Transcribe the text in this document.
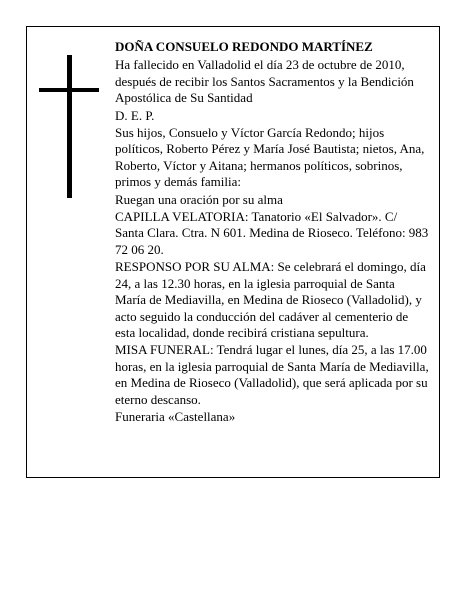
DOÑA CONSUELO REDONDO MARTÍNEZ

Ha fallecido en Valladolid el día 23 de octubre de 2010, después de recibir los Santos Sacramentos y la Bendición Apostólica de Su Santidad

D. E. P.

Sus hijos, Consuelo y Víctor García Redondo; hijos políticos, Roberto Pérez y María José Bautista; nietos, Ana, Roberto, Víctor y Aitana; hermanos políticos, sobrinos, primos y demás familia:

Ruegan una oración por su alma

CAPILLA VELATORIA: Tanatorio «El Salvador». C/ Santa Clara. Ctra. N 601. Medina de Rioseco. Teléfono: 983 72 06 20.

RESPONSO POR SU ALMA: Se celebrará el domingo, día 24, a las 12.30 horas, en la iglesia parroquial de Santa María de Mediavilla, en Medina de Rioseco (Valladolid), y acto seguido la conducción del cadáver al cementerio de esta localidad, donde recibirá cristiana sepultura.

MISA FUNERAL: Tendrá lugar el lunes, día 25, a las 17.00 horas, en la iglesia parroquial de Santa María de Mediavilla, en Medina de Rioseco (Valladolid), que será aplicada por su eterno descanso.

Funeraria «Castellana»
